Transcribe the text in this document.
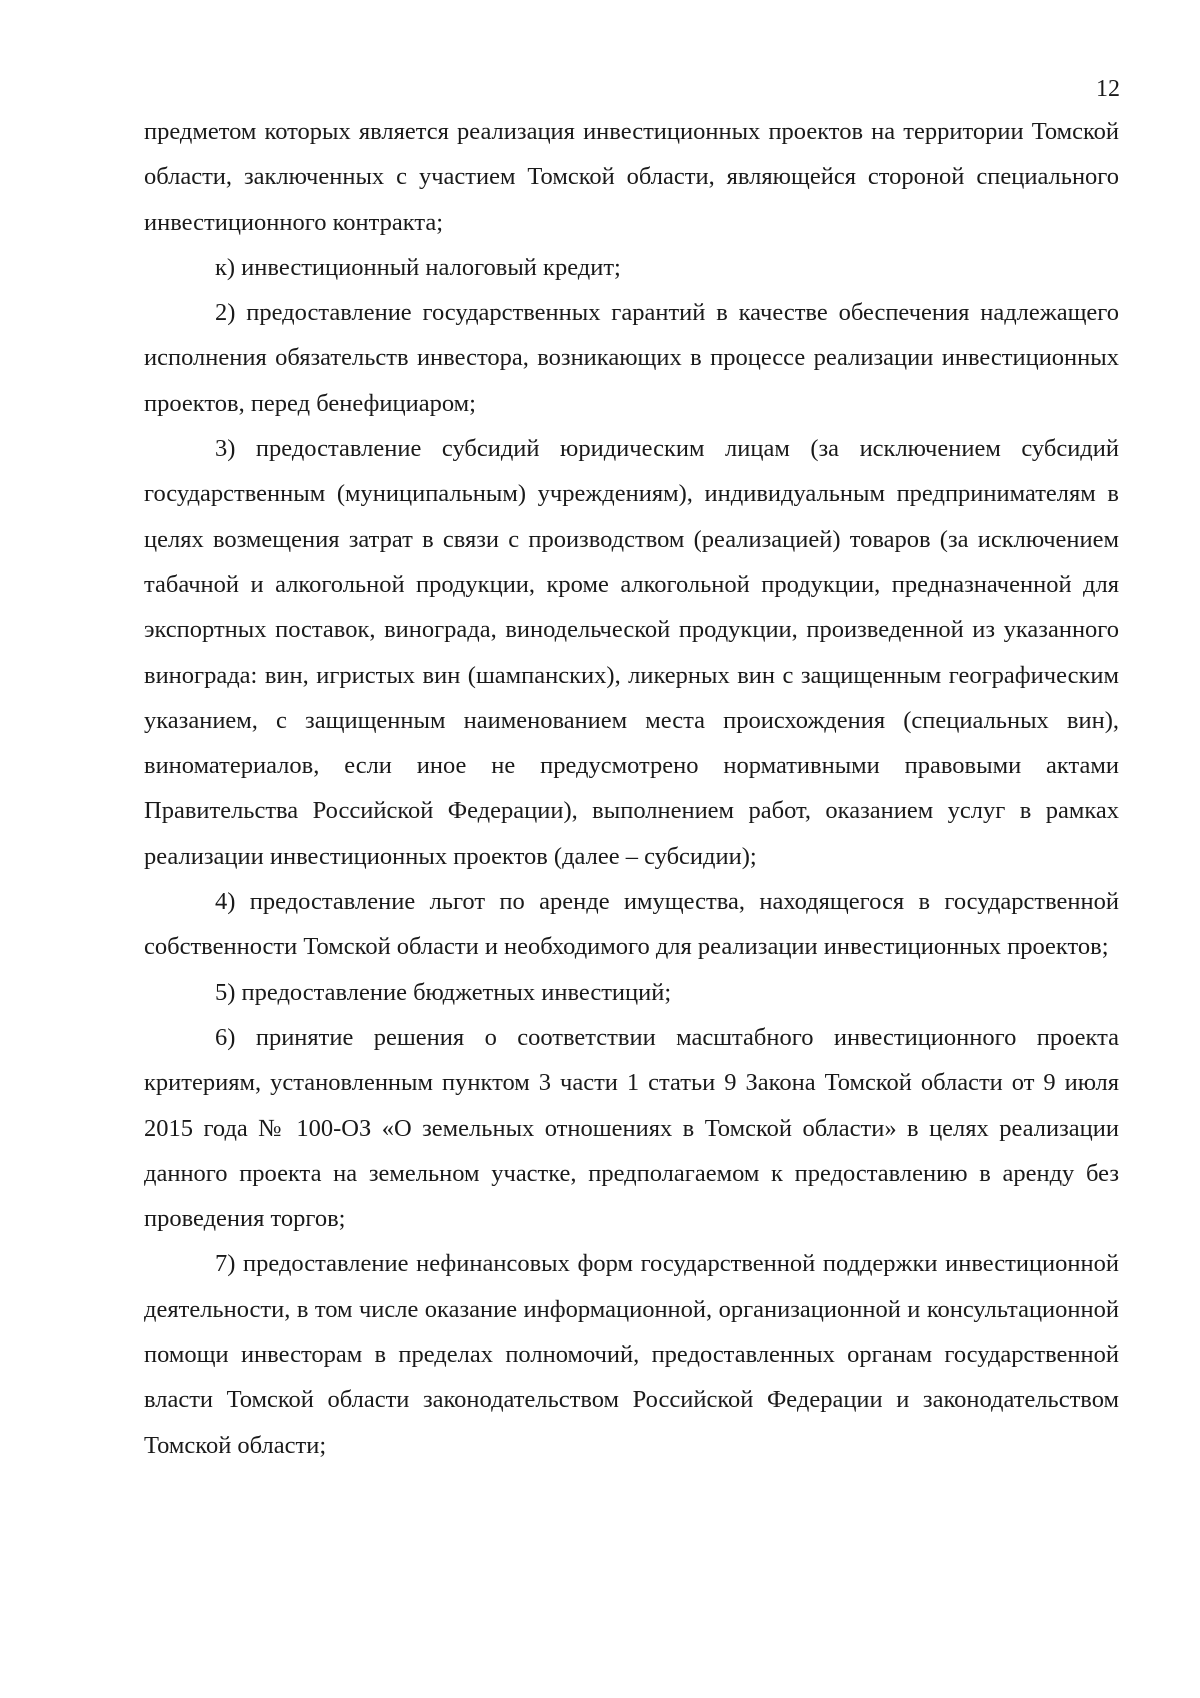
12

предметом которых является реализация инвестиционных проектов на территории Томской области, заключенных с участием Томской области, являющейся стороной специального инвестиционного контракта;

к) инвестиционный налоговый кредит;

2) предоставление государственных гарантий в качестве обеспечения надлежащего исполнения обязательств инвестора, возникающих в процессе реализации инвестиционных проектов, перед бенефициаром;

3) предоставление субсидий юридическим лицам (за исключением субсидий государственным (муниципальным) учреждениям), индивидуальным предпринимателям в целях возмещения затрат в связи с производством (реализацией) товаров (за исключением табачной и алкогольной продукции, кроме алкогольной продукции, предназначенной для экспортных поставок, винограда, винодельческой продукции, произведенной из указанного винограда: вин, игристых вин (шампанских), ликерных вин с защищенным географическим указанием, с защищенным наименованием места происхождения (специальных вин), виноматериалов, если иное не предусмотрено нормативными правовыми актами Правительства Российской Федерации), выполнением работ, оказанием услуг в рамках реализации инвестиционных проектов (далее – субсидии);

4) предоставление льгот по аренде имущества, находящегося в государственной собственности Томской области и необходимого для реализации инвестиционных проектов;

5) предоставление бюджетных инвестиций;

6) принятие решения о соответствии масштабного инвестиционного проекта критериям, установленным пунктом 3 части 1 статьи 9 Закона Томской области от 9 июля 2015 года № 100-ОЗ «О земельных отношениях в Томской области» в целях реализации данного проекта на земельном участке, предполагаемом к предоставлению в аренду без проведения торгов;

7) предоставление нефинансовых форм государственной поддержки инвестиционной деятельности, в том числе оказание информационной, организационной и консультационной помощи инвесторам в пределах полномочий, предоставленных органам государственной власти Томской области законодательством Российской Федерации и законодательством Томской области;
